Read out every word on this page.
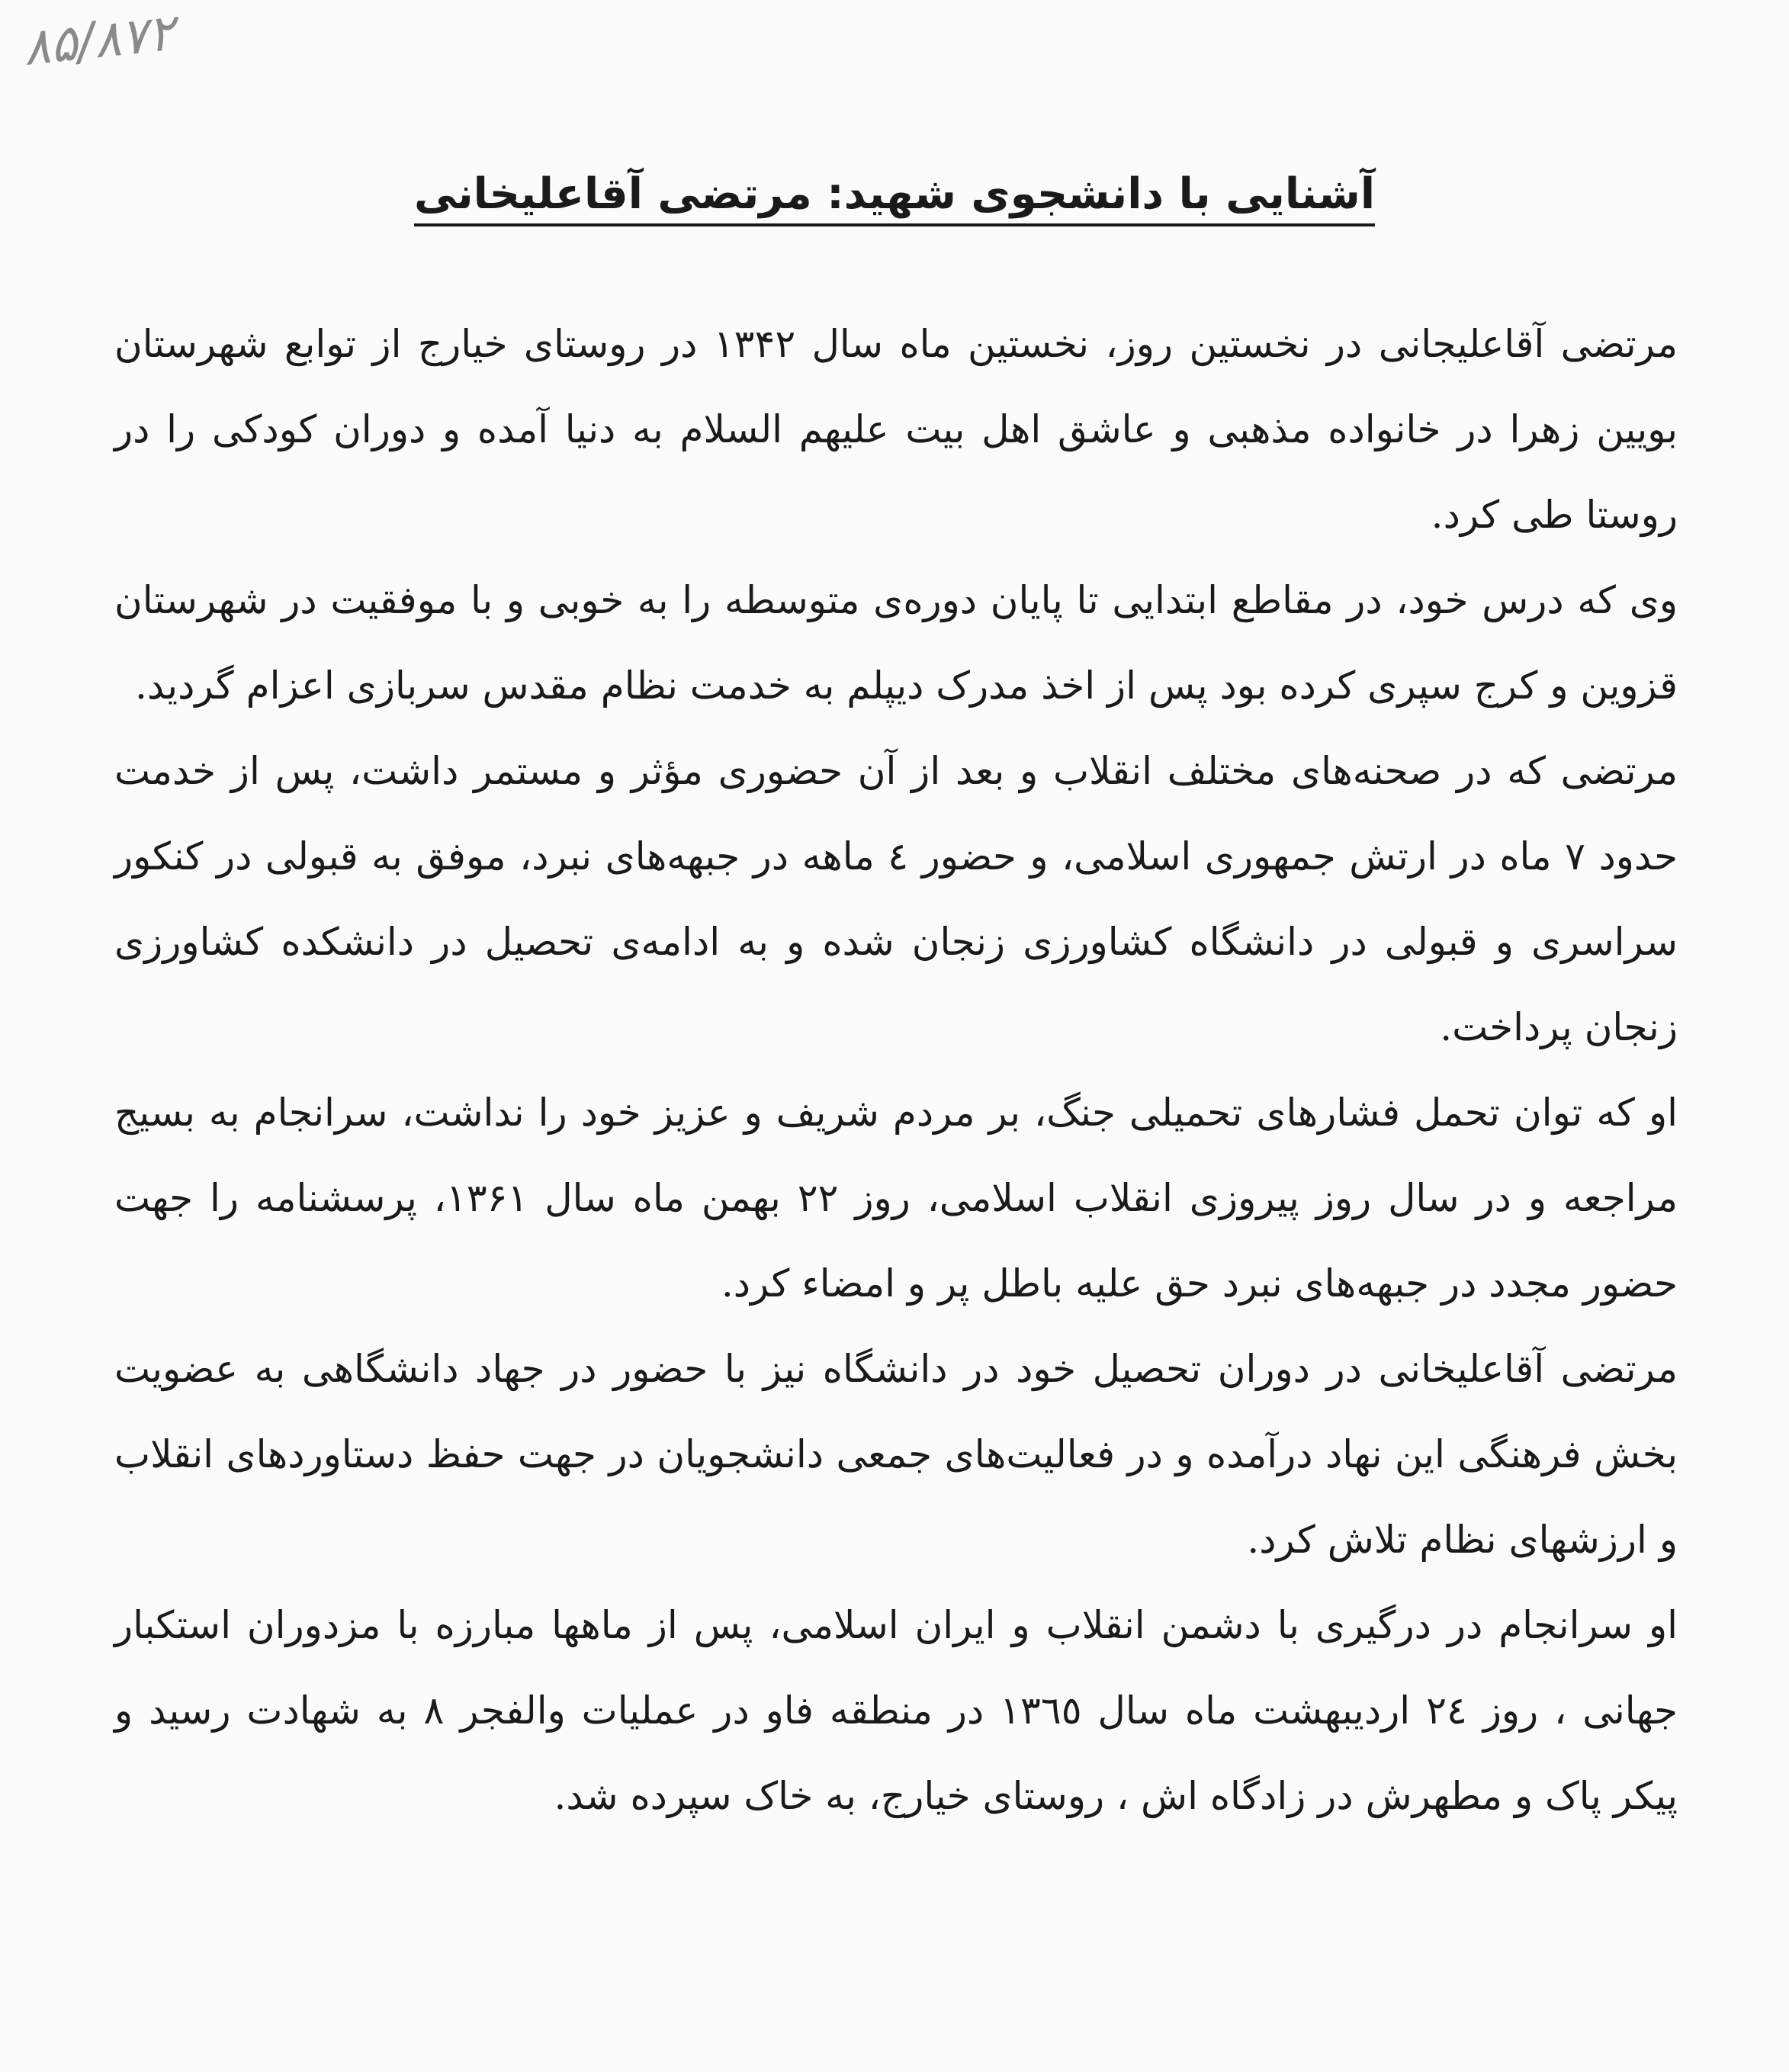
۸۵/۸۷۲
آشنایی با دانشجوی شهید: مرتضی آقاعلیخانی

مرتضی آقاعلیجانی در نخستین روز، نخستین ماه سال ۱۳۴۲ در روستای خیارج از توابع شهرستان بویین زهرا در خانواده مذهبی و عاشق اهل بیت علیهم السلام به دنیا آمده و دوران کودکی را در روستا طی کرد.

وی که درس خود، در مقاطع ابتدایی تا پایان دوره‌ی متوسطه را به خوبی و با موفقیت در شهرستان قزوین و کرج سپری کرده بود پس از اخذ مدرک دیپلم به خدمت نظام مقدس سربازی اعزام گردید.

مرتضی که در صحنه‌های مختلف انقلاب و بعد از آن حضوری مؤثر و مستمر داشت، پس از خدمت حدود ۷ ماه در ارتش جمهوری اسلامی، و حضور ٤ ماهه در جبهه‌های نبرد، موفق به قبولی در کنکور سراسری و قبولی در دانشگاه کشاورزی زنجان شده و به ادامه‌ی تحصیل در دانشکده کشاورزی زنجان پرداخت.

او که توان تحمل فشارهای تحمیلی جنگ، بر مردم شریف و عزیز خود را نداشت، سرانجام به بسیج مراجعه و در سال روز پیروزی انقلاب اسلامی، روز ۲۲ بهمن ماه سال ۱۳۶۱، پرسشنامه را جهت حضور مجدد در جبهه‌های نبرد حق علیه باطل پر و امضاء کرد.

مرتضی آقاعلیخانی در دوران تحصیل خود در دانشگاه نیز با حضور در جهاد دانشگاهی به عضویت بخش فرهنگی این نهاد درآمده و در فعالیت‌های جمعی دانشجویان در جهت حفظ دستاوردهای انقلاب و ارزشهای نظام تلاش کرد.

او سرانجام در درگیری با دشمن انقلاب و ایران اسلامی، پس از ماهها مبارزه با مزدوران استکبار جهانی ، روز ٢٤ اردیبهشت ماه سال ١٣٦٥ در منطقه فاو در عملیات والفجر ٨ به شهادت رسید و پیکر پاک و مطهرش در زادگاه اش ، روستای خیارج، به خاک سپرده شد.
